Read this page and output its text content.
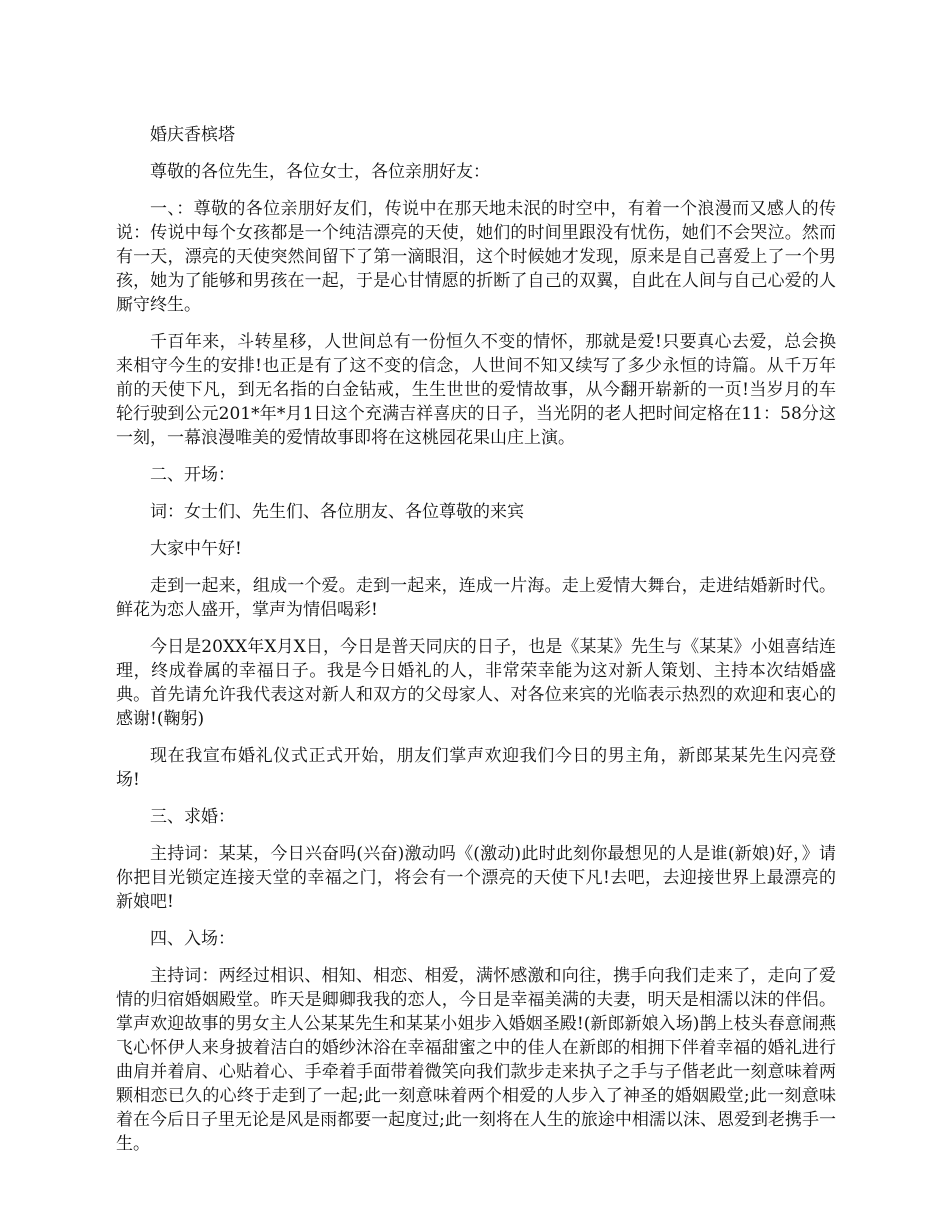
婚庆香槟塔

尊敬的各位先生，各位女士，各位亲朋好友：

一、：尊敬的各位亲朋好友们，传说中在那天地未泯的时空中，有着一个浪漫而又感人的传说：传说中每个女孩都是一个纯洁漂亮的天使，她们的时间里跟没有忧伤，她们不会哭泣。然而有一天，漂亮的天使突然间留下了第一滴眼泪，这个时候她才发现，原来是自己喜爱上了一个男孩，她为了能够和男孩在一起，于是心甘情愿的折断了自己的双翼，自此在人间与自己心爱的人厮守终生。

千百年来，斗转星移，人世间总有一份恒久不变的情怀，那就是爱!只要真心去爱，总会换来相守今生的安排!也正是有了这不变的信念，人世间不知又续写了多少永恒的诗篇。从千万年前的天使下凡，到无名指的白金钻戒，生生世世的爱情故事，从今翻开崭新的一页!当岁月的车轮行驶到公元201*年*月1日这个充满吉祥喜庆的日子，当光阴的老人把时间定格在11：58分这一刻，一幕浪漫唯美的爱情故事即将在这桃园花果山庄上演。

二、开场：

词：女士们、先生们、各位朋友、各位尊敬的来宾

大家中午好!

走到一起来，组成一个爱。走到一起来，连成一片海。走上爱情大舞台，走进结婚新时代。鲜花为恋人盛开，掌声为情侣喝彩!

今日是20XX年X月X日，今日是普天同庆的日子，也是《某某》先生与《某某》小姐喜结连理，终成眷属的幸福日子。我是今日婚礼的人，非常荣幸能为这对新人策划、主持本次结婚盛典。首先请允许我代表这对新人和双方的父母家人、对各位来宾的光临表示热烈的欢迎和衷心的感谢!(鞠躬)

现在我宣布婚礼仪式正式开始，朋友们掌声欢迎我们今日的男主角，新郎某某先生闪亮登场!

三、求婚：

主持词：某某，今日兴奋吗(兴奋)激动吗《(激动)此时此刻你最想见的人是谁(新娘)好，》请你把目光锁定连接天堂的幸福之门，将会有一个漂亮的天使下凡!去吧，去迎接世界上最漂亮的新娘吧!

四、入场：

主持词：两经过相识、相知、相恋、相爱，满怀感激和向往，携手向我们走来了，走向了爱情的归宿婚姻殿堂。昨天是卿卿我我的恋人，今日是幸福美满的夫妻，明天是相濡以沫的伴侣。掌声欢迎故事的男女主人公某某先生和某某小姐步入婚姻圣殿!(新郎新娘入场)鹊上枝头春意闹燕飞心怀伊人来身披着洁白的婚纱沐浴在幸福甜蜜之中的佳人在新郎的相拥下伴着幸福的婚礼进行曲肩并着肩、心贴着心、手牵着手面带着微笑向我们款步走来执子之手与子偕老此一刻意味着两颗相恋已久的心终于走到了一起;此一刻意味着两个相爱的人步入了神圣的婚姻殿堂;此一刻意味着在今后日子里无论是风是雨都要一起度过;此一刻将在人生的旅途中相濡以沫、恩爱到老携手一生。
